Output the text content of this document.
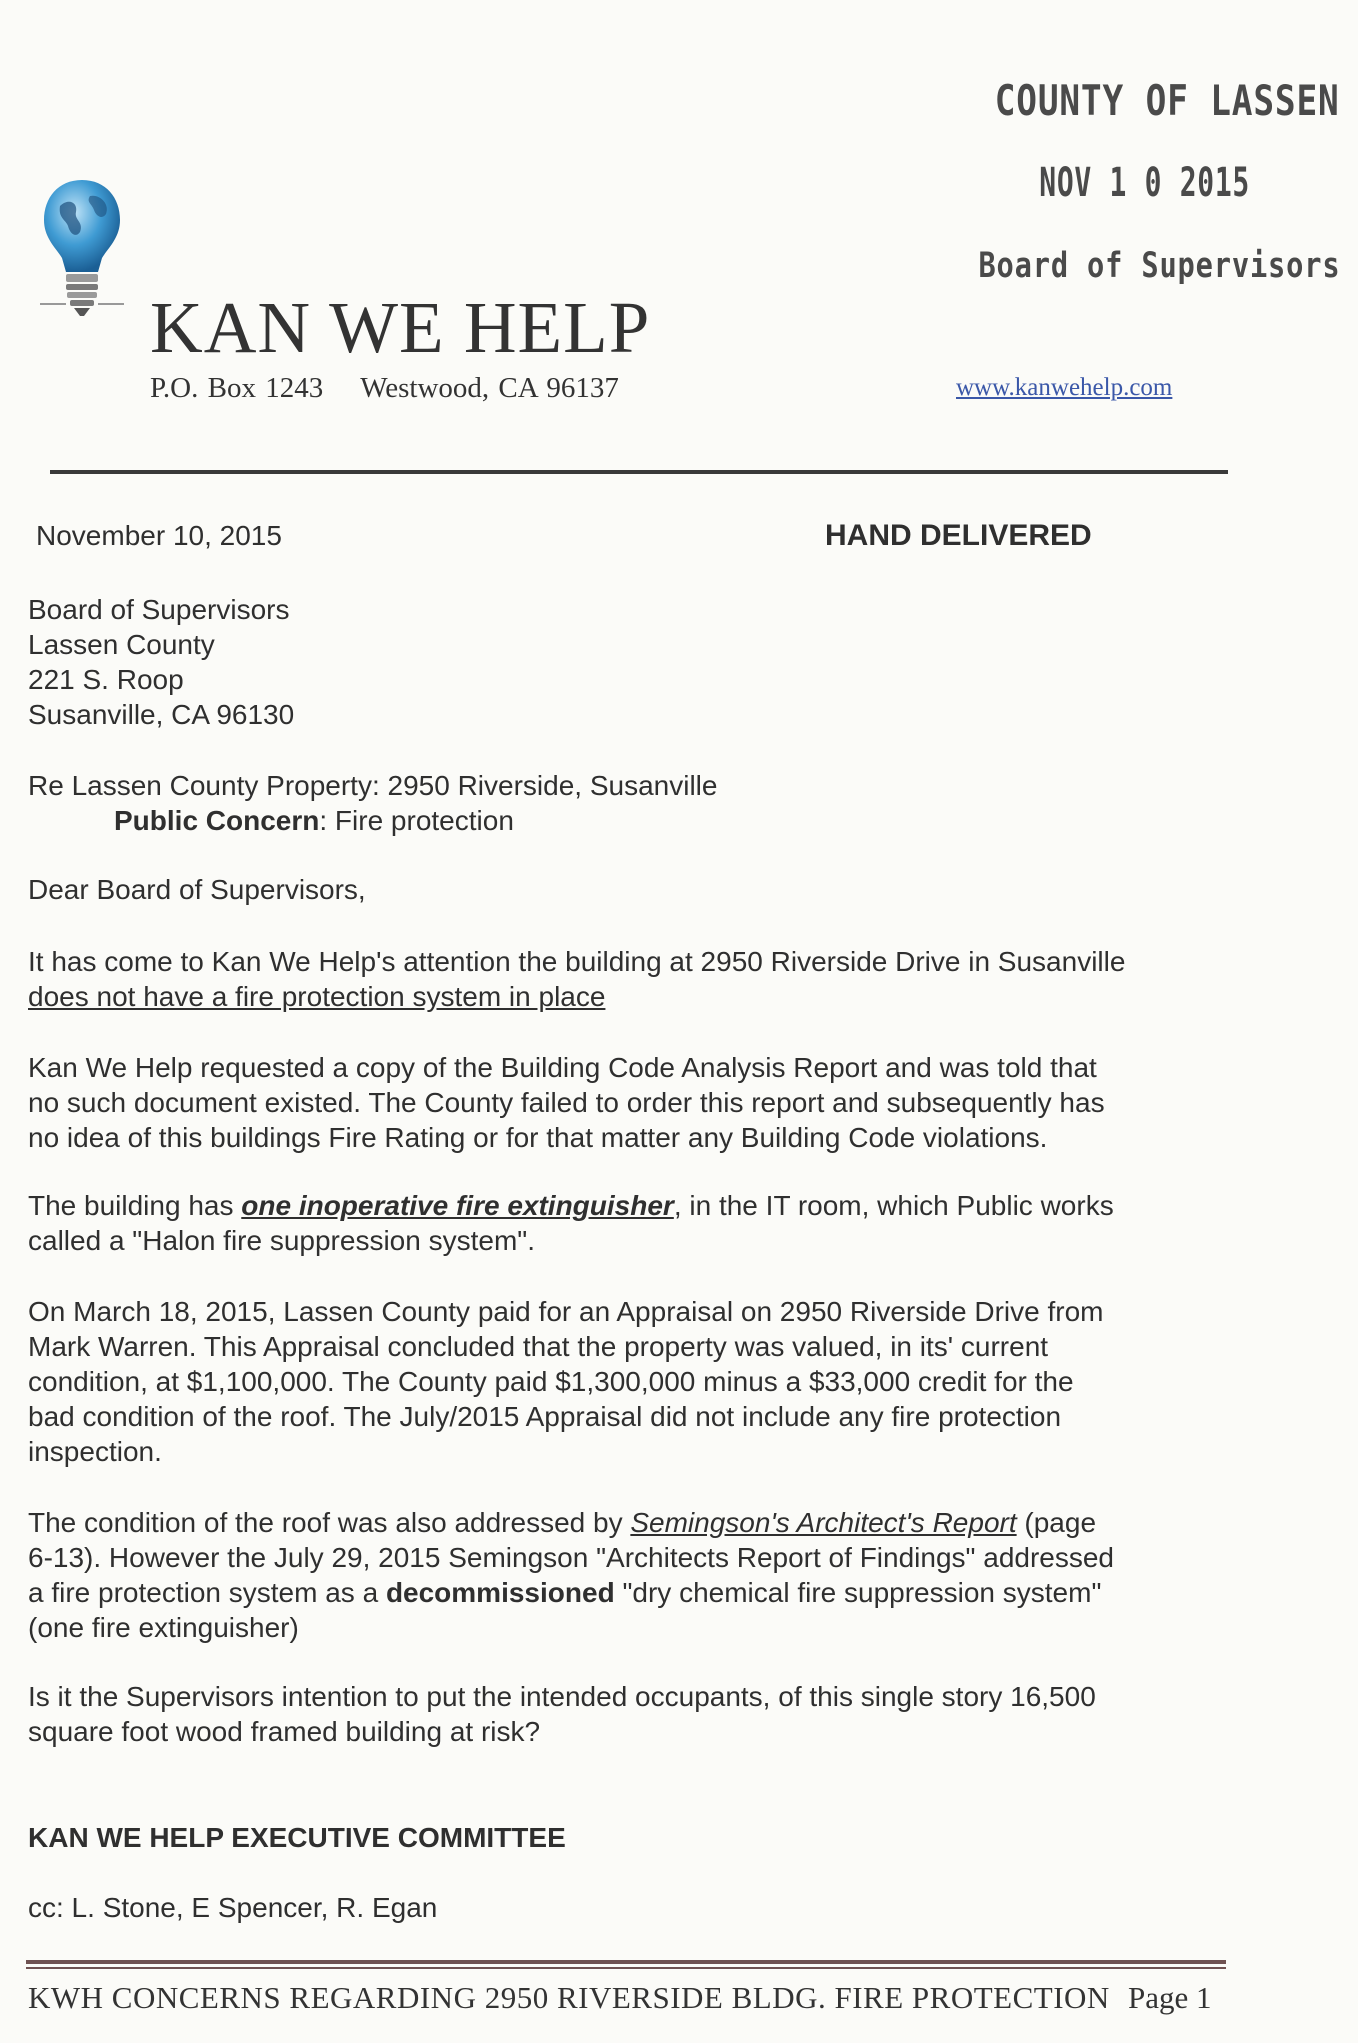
COUNTY OF LASSEN
NOV 1 0 2015
Board of Supervisors
KAN WE HELP
P.O. Box 1243 Westwood, CA 96137	www.kanwehelp.com
November 10, 2015	HAND DELIVERED
Board of Supervisors
Lassen County
221 S. Roop
Susanville, CA 96130
Re Lassen County Property: 2950 Riverside, Susanville
Public Concern: Fire protection
Dear Board of Supervisors,
It has come to Kan We Help's attention the building at 2950 Riverside Drive in Susanville
does not have a fire protection system in place
Kan We Help requested a copy of the Building Code Analysis Report and was told that
no such document existed. The County failed to order this report and subsequently has
no idea of this buildings Fire Rating or for that matter any Building Code violations.
The building has one inoperative fire extinguisher, in the IT room, which Public works
called a "Halon fire suppression system".
On March 18, 2015, Lassen County paid for an Appraisal on 2950 Riverside Drive from
Mark Warren. This Appraisal concluded that the property was valued, in its' current
condition, at $1,100,000. The County paid $1,300,000 minus a $33,000 credit for the
bad condition of the roof. The July/2015 Appraisal did not include any fire protection
inspection.
The condition of the roof was also addressed by Semingson's Architect's Report (page
6-13). However the July 29, 2015 Semingson "Architects Report of Findings" addressed
a fire protection system as a decommissioned "dry chemical fire suppression system"
(one fire extinguisher)
Is it the Supervisors intention to put the intended occupants, of this single story 16,500
square foot wood framed building at risk?
KAN WE HELP EXECUTIVE COMMITTEE
cc: L. Stone, E Spencer, R. Egan
KWH CONCERNS REGARDING 2950 RIVERSIDE BLDG. FIRE PROTECTION Page 1
